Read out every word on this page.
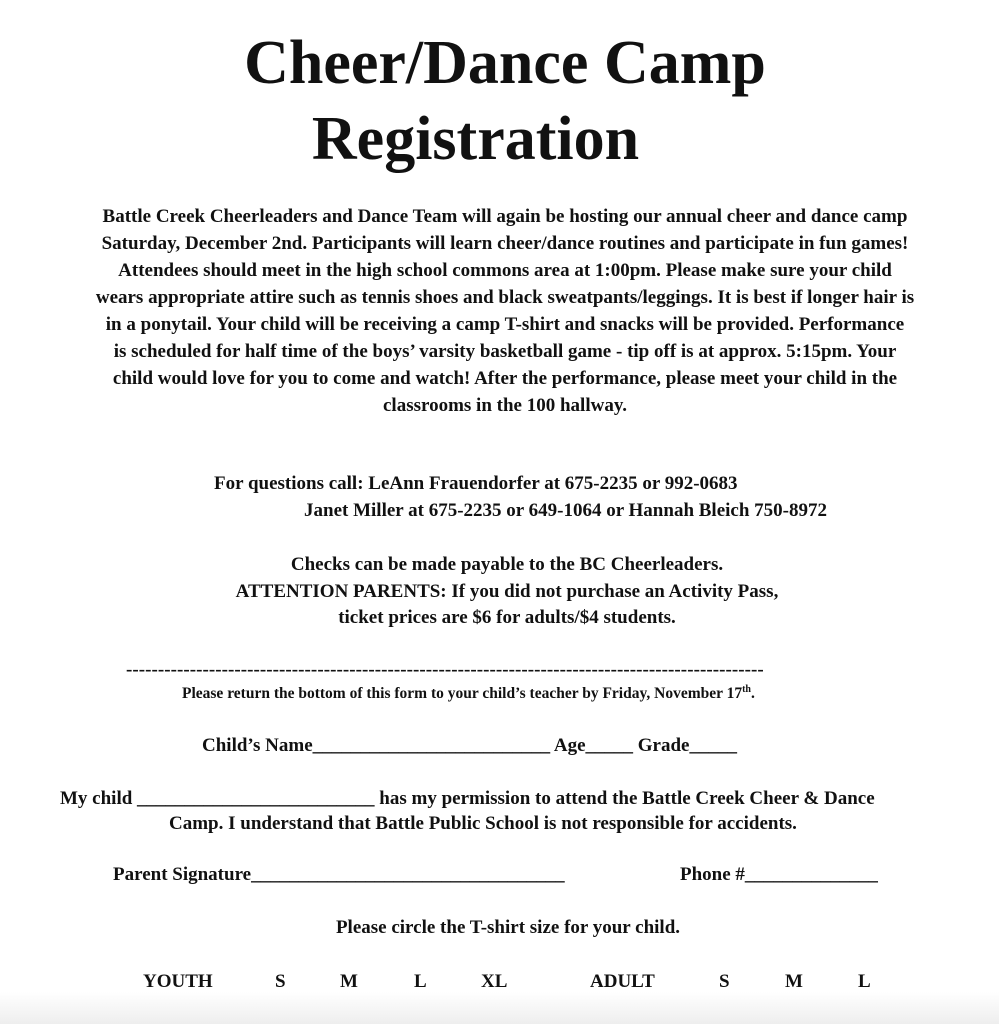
Cheer/Dance Camp
Registration
Battle Creek Cheerleaders and Dance Team will again be hosting our annual cheer and dance camp
Saturday, December 2nd. Participants will learn cheer/dance routines and participate in fun games!
Attendees should meet in the high school commons area at 1:00pm. Please make sure your child
wears appropriate attire such as tennis shoes and black sweatpants/leggings. It is best if longer hair is
in a ponytail. Your child will be receiving a camp T-shirt and snacks will be provided. Performance
is scheduled for half time of the boys’ varsity basketball game - tip off is at approx. 5:15pm. Your
child would love for you to come and watch! After the performance, please meet your child in the
classrooms in the 100 hallway.
For questions call: LeAnn Frauendorfer at 675-2235 or 992-0683
Janet Miller at 675-2235 or 649-1064 or Hannah Bleich 750-8972
Checks can be made payable to the BC Cheerleaders.
ATTENTION PARENTS: If you did not purchase an Activity Pass,
ticket prices are $6 for adults/$4 students.
----------------------------------------------------------------------------------------------------
Please return the bottom of this form to your child’s teacher by Friday, November 17th.
Child’s Name_________________________ Age_____ Grade_____
My child _________________________ has my permission to attend the Battle Creek Cheer & Dance
Camp. I understand that Battle Public School is not responsible for accidents.
Parent Signature_________________________________	Phone #______________
Please circle the T-shirt size for your child.
YOUTH	S	M	L	XL	ADULT	S	M	L
